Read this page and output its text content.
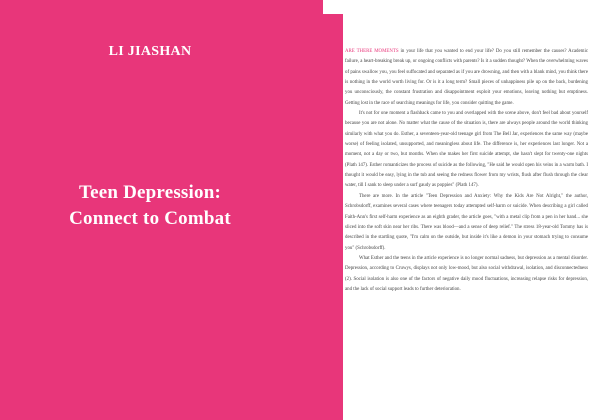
LI JIASHAN
Teen Depression:
Connect to Combat

ARE THERE MOMENTS in your life that you wanted to end your life? Do you still remember the causes? Academic failure, a heart-breaking break up, or ongoing conflicts with parents? Is it a sudden thought? When the overwhelming waves of pains swallow you, you feel suffocated and separated as if you are drowning, and then with a blank mind, you think there is nothing in the world worth living for. Or is it a long term? Small pieces of unhappiness pile up on the back, burdening you unconsciously, the constant frustration and disappointment exploit your emotions, leaving nothing but emptiness. Getting lost in the race of searching meanings for life, you consider quitting the game.

It's not for one moment a flashback came to you and overlapped with the scene above, don't feel bad about yourself because you are not alone. No matter what the cause of the situation is, there are always people around the world thinking similarly with what you do. Esther, a seventeen-year-old teenage girl from The Bell Jar, experiences the same way (maybe worse) of feeling isolated, unsupported, and meaningless about life. The difference is, her experiences last longer. Not a moment, not a day or two, but months. When she makes her first suicide attempt, she hasn't slept for twenty-one nights (Plath 147). Esther romanticizes the process of suicide as the following, "He said he would open his veins in a warm bath. I thought it would be easy, lying in the tub and seeing the redness flower from my wrists, flush after flush through the clear water, till I sank to sleep under a surf gaudy as poppies" (Plath 147).

There are more. In the article "Teen Depression and Anxiety: Why the Kids Are Not Alright," the author, Schrobsdorff, examines several cases where teenagers today attempted self-harm or suicide. When describing a girl called Faith-Ann's first self-harm experience as an eighth grader, the article goes, "with a metal clip from a pen in her hand... she sliced into the soft skin near her ribs. There was blood—and a sense of deep relief." The stress 18-year-old Tommy has is described in the startling quote, "I'm calm on the outside, but inside it's like a demon in your stomach trying to consume you" (Schrobsdorff).

What Esther and the teens in the article experience is no longer normal sadness, but depression as a mental disorder. Depression, according to Cruwys, displays not only low-mood, but also social withdrawal, isolation, and disconnectedness (2). Social isolation is also one of the factors of negative daily mood fluctuations, increasing relapse risks for depression, and the lack of social support leads to further deterioration.
